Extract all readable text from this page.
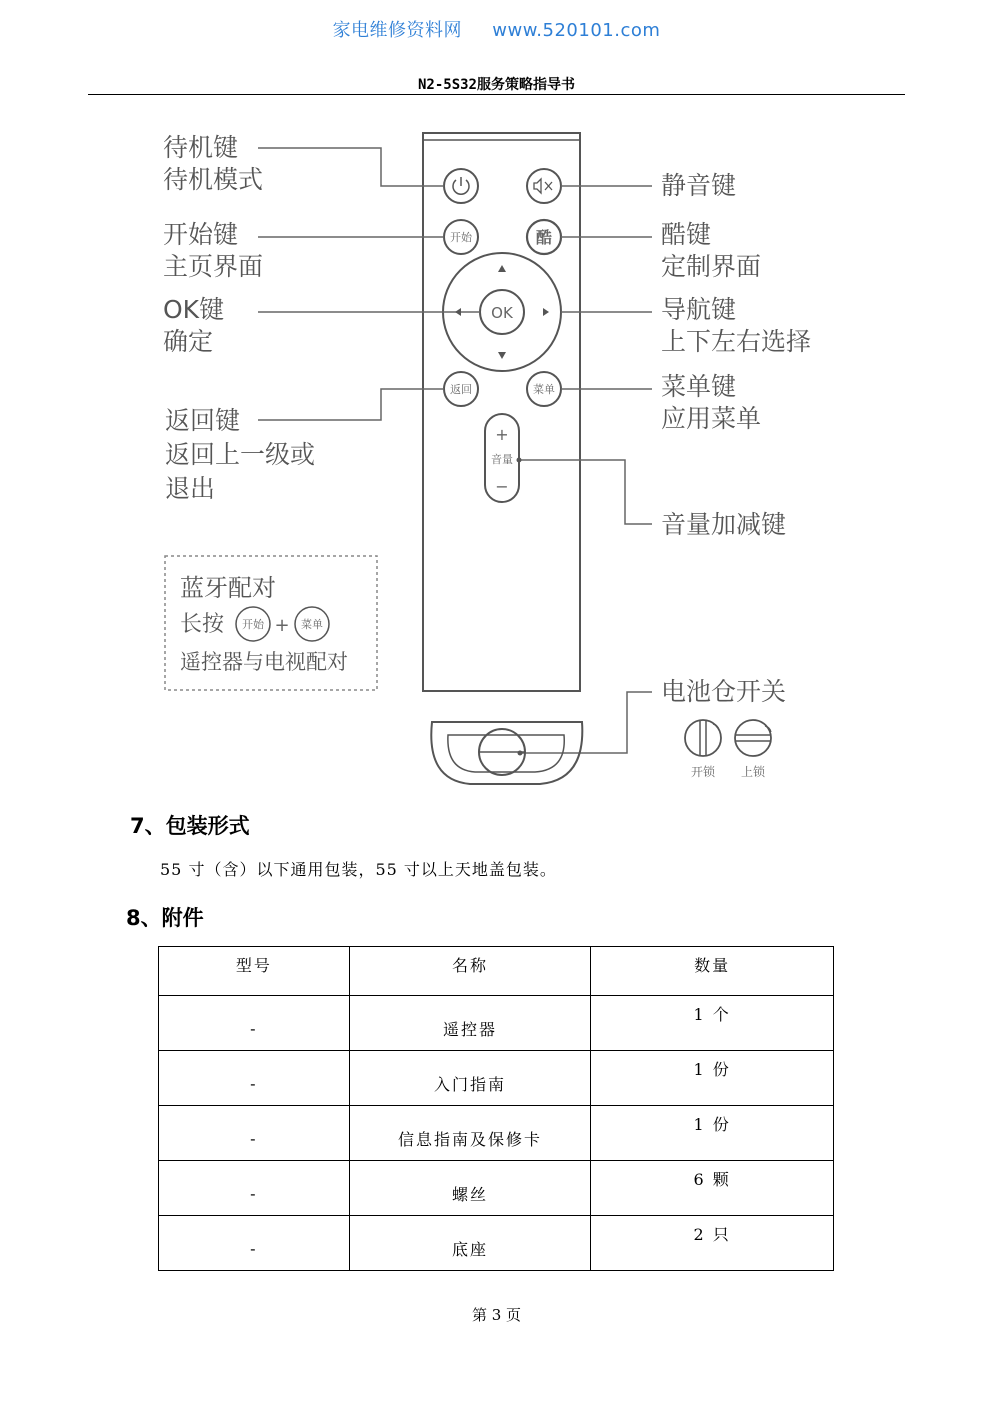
家电维修资料网 www.520101.com
N2-5S32服务策略指导书
开始	酷
OK
返回	菜单
+
音量
−
开始 + 菜单
开锁 上锁
待机键
待机模式
开始键
主页界面
OK键
确定
返回键
返回上一级或
退出
静音键
酷键
定制界面
导航键
上下左右选择
菜单键
应用菜单
音量加减键
电池仓开关
蓝牙配对
长按
遥控器与电视配对
7、包装形式
55 寸（含）以下通用包装，55 寸以上天地盖包装。
8、附件
型号	名称	数量
-	遥控器	1 个
-	入门指南	1 份
-	信息指南及保修卡	1 份
-	螺丝	6 颗
-	底座	2 只
第 3 页
